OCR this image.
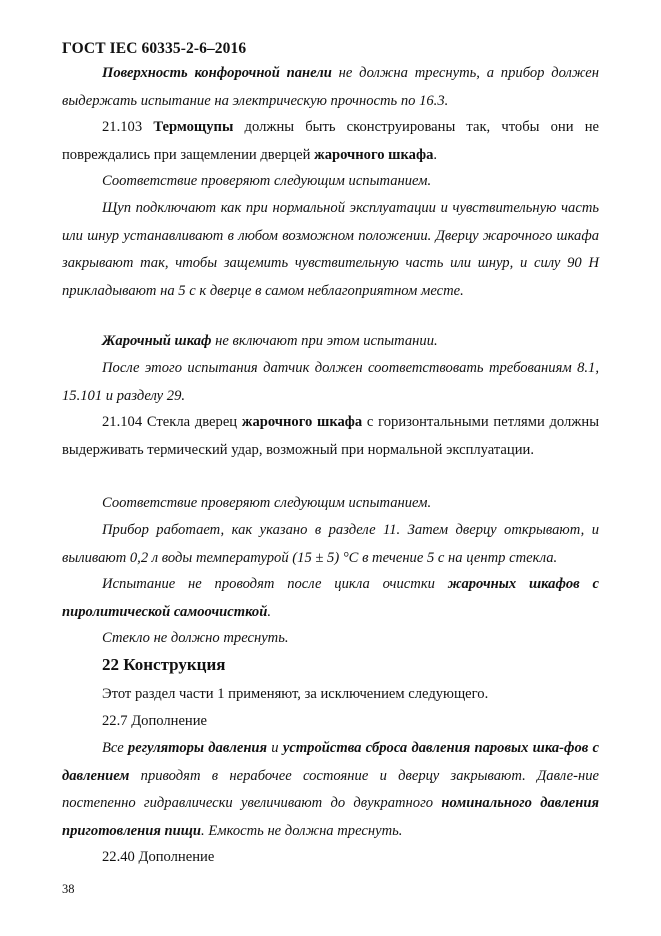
ГОСТ IEC 60335-2-6–2016

Поверхность конфорочной панели не должна треснуть, а прибор должен выдержать испытание на электрическую прочность по 16.3.

21.103 Термощупы должны быть сконструированы так, чтобы они не повреждались при защемлении дверцей жарочного шкафа.

Соответствие проверяют следующим испытанием.

Щуп подключают как при нормальной эксплуатации и чувствительную часть или шнур устанавливают в любом возможном положении. Дверцу жарочного шкафа закрывают так, чтобы защемить чувствительную часть или шнур, и силу 90 Н прикладывают на 5 с к дверце в самом неблагоприятном месте.

Жарочный шкаф не включают при этом испытании.

После этого испытания датчик должен соответствовать требованиям 8.1, 15.101 и разделу 29.

21.104 Стекла дверец жарочного шкафа с горизонтальными петлями должны выдерживать термический удар, возможный при нормальной эксплуатации.

Соответствие проверяют следующим испытанием.

Прибор работает, как указано в разделе 11. Затем дверцу открывают, и выливают 0,2 л воды температурой (15 ± 5) °С в течение 5 с на центр стекла.

Испытание не проводят после цикла очистки жарочных шкафов с пиролитической самоочисткой.

Стекло не должно треснуть.

22 Конструкция

Этот раздел части 1 применяют, за исключением следующего.

22.7 Дополнение

Все регуляторы давления и устройства сброса давления паровых шка-фов с давлением приводят в нерабочее состояние и дверцу закрывают. Давле-ние постепенно гидравлически увеличивают до двукратного номинального давления приготовления пищи. Емкость не должна треснуть.

22.40 Дополнение

38
